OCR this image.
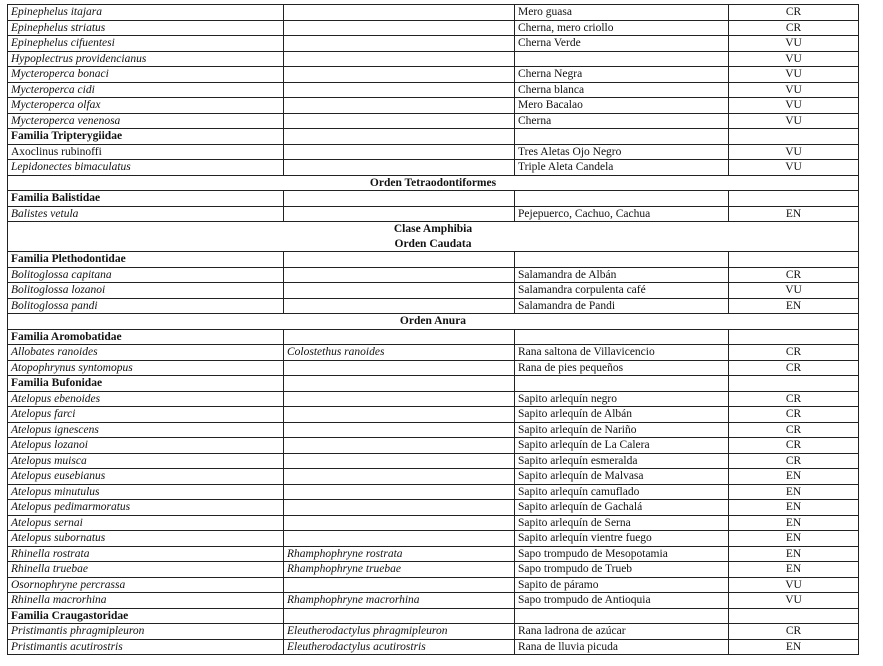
Epinephelus itajara		Mero guasa	CR
Epinephelus striatus		Cherna, mero criollo	CR
Epinephelus cifuentesi		Cherna Verde	VU
Hypoplectrus providencianus			VU
Mycteroperca bonaci		Cherna Negra	VU
Mycteroperca cidi		Cherna blanca	VU
Mycteroperca olfax		Mero Bacalao	VU
Mycteroperca venenosa		Cherna	VU
Familia Tripterygiidae			
Axoclinus rubinoffi		Tres Aletas Ojo Negro	VU
Lepidonectes bimaculatus		Triple Aleta Candela	VU
Orden Tetraodontiformes			
Familia Balistidae			
Balistes vetula		Pejepuerco, Cachuo, Cachua	EN

Clase Amphibia
Orden Caudata			

Familia Plethodontidae			
Bolitoglossa capitana		Salamandra de Albán	CR
Bolitoglossa lozanoi		Salamandra corpulenta café	VU
Bolitoglossa pandi		Salamandra de Pandi	EN
Orden Anura			
Familia Aromobatidae			
Allobates ranoides	Colostethus ranoides	Rana saltona de Villavicencio	CR
Atopophrynus syntomopus		Rana de pies pequeños	CR
Familia Bufonidae			
Atelopus ebenoides		Sapito arlequín negro	CR
Atelopus farci		Sapito arlequín de Albán	CR
Atelopus ignescens		Sapito arlequín de Nariño	CR
Atelopus lozanoi		Sapito arlequín de La Calera	CR
Atelopus muisca		Sapito arlequín esmeralda	CR
Atelopus eusebianus		Sapito arlequín de Malvasa	EN
Atelopus minutulus		Sapito arlequín camuflado	EN
Atelopus pedimarmoratus		Sapito arlequín de Gachalá	EN
Atelopus sernai		Sapito arlequín de Serna	EN
Atelopus subornatus		Sapito arlequín vientre fuego	EN
Rhinella rostrata	Rhamphophryne rostrata	Sapo trompudo de Mesopotamia	EN
Rhinella truebae	Rhamphophryne truebae	Sapo trompudo de Trueb	EN
Osornophryne percrassa		Sapito de páramo	VU
Rhinella macrorhina	Rhamphophryne macrorhina	Sapo trompudo de Antioquia	VU
Familia Craugastoridae			
Pristimantis phragmipleuron	Eleutherodactylus phragmipleuron	Rana ladrona de azúcar	CR
Pristimantis acutirostris	Eleutherodactylus acutirostris	Rana de lluvia picuda	EN
